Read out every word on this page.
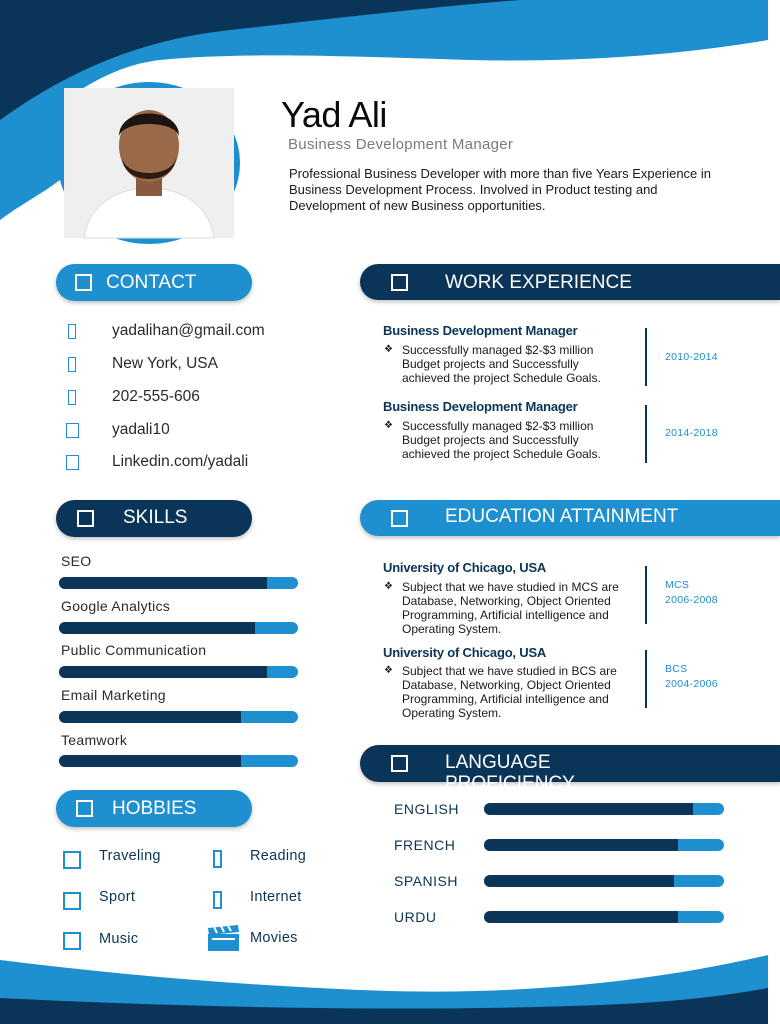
Yad Ali
Business Development Manager
Professional Business Developer with more than five Years Experience in Business Development Process. Involved in Product testing and Development of new Business opportunities.
CONTACT
yadalihan@gmail.com
New York, USA
202-555-606
yadali10
Linkedin.com/yadali
SKILLS
SEO
Google Analytics
Public Communication
Email Marketing
Teamwork
HOBBIES
Traveling	Reading
Sport	Internet
Music	Movies
WORK EXPERIENCE
Business Development Manager
❖ Successfully managed $2-$3 million Budget projects and Successfully achieved the project Schedule Goals.
2010-2014
Business Development Manager
❖ Successfully managed $2-$3 million Budget projects and Successfully achieved the project Schedule Goals.
2014-2018
EDUCATION ATTAINMENT
University of Chicago, USA
❖ Subject that we have studied in MCS are Database, Networking, Object Oriented Programming, Artificial intelligence and Operating System.
MCS
2006-2008
University of Chicago, USA
❖ Subject that we have studied in BCS are Database, Networking, Object Oriented Programming, Artificial intelligence and Operating System.
BCS
2004-2006
LANGUAGE PROFICIENCY
ENGLISH
FRENCH
SPANISH
URDU
